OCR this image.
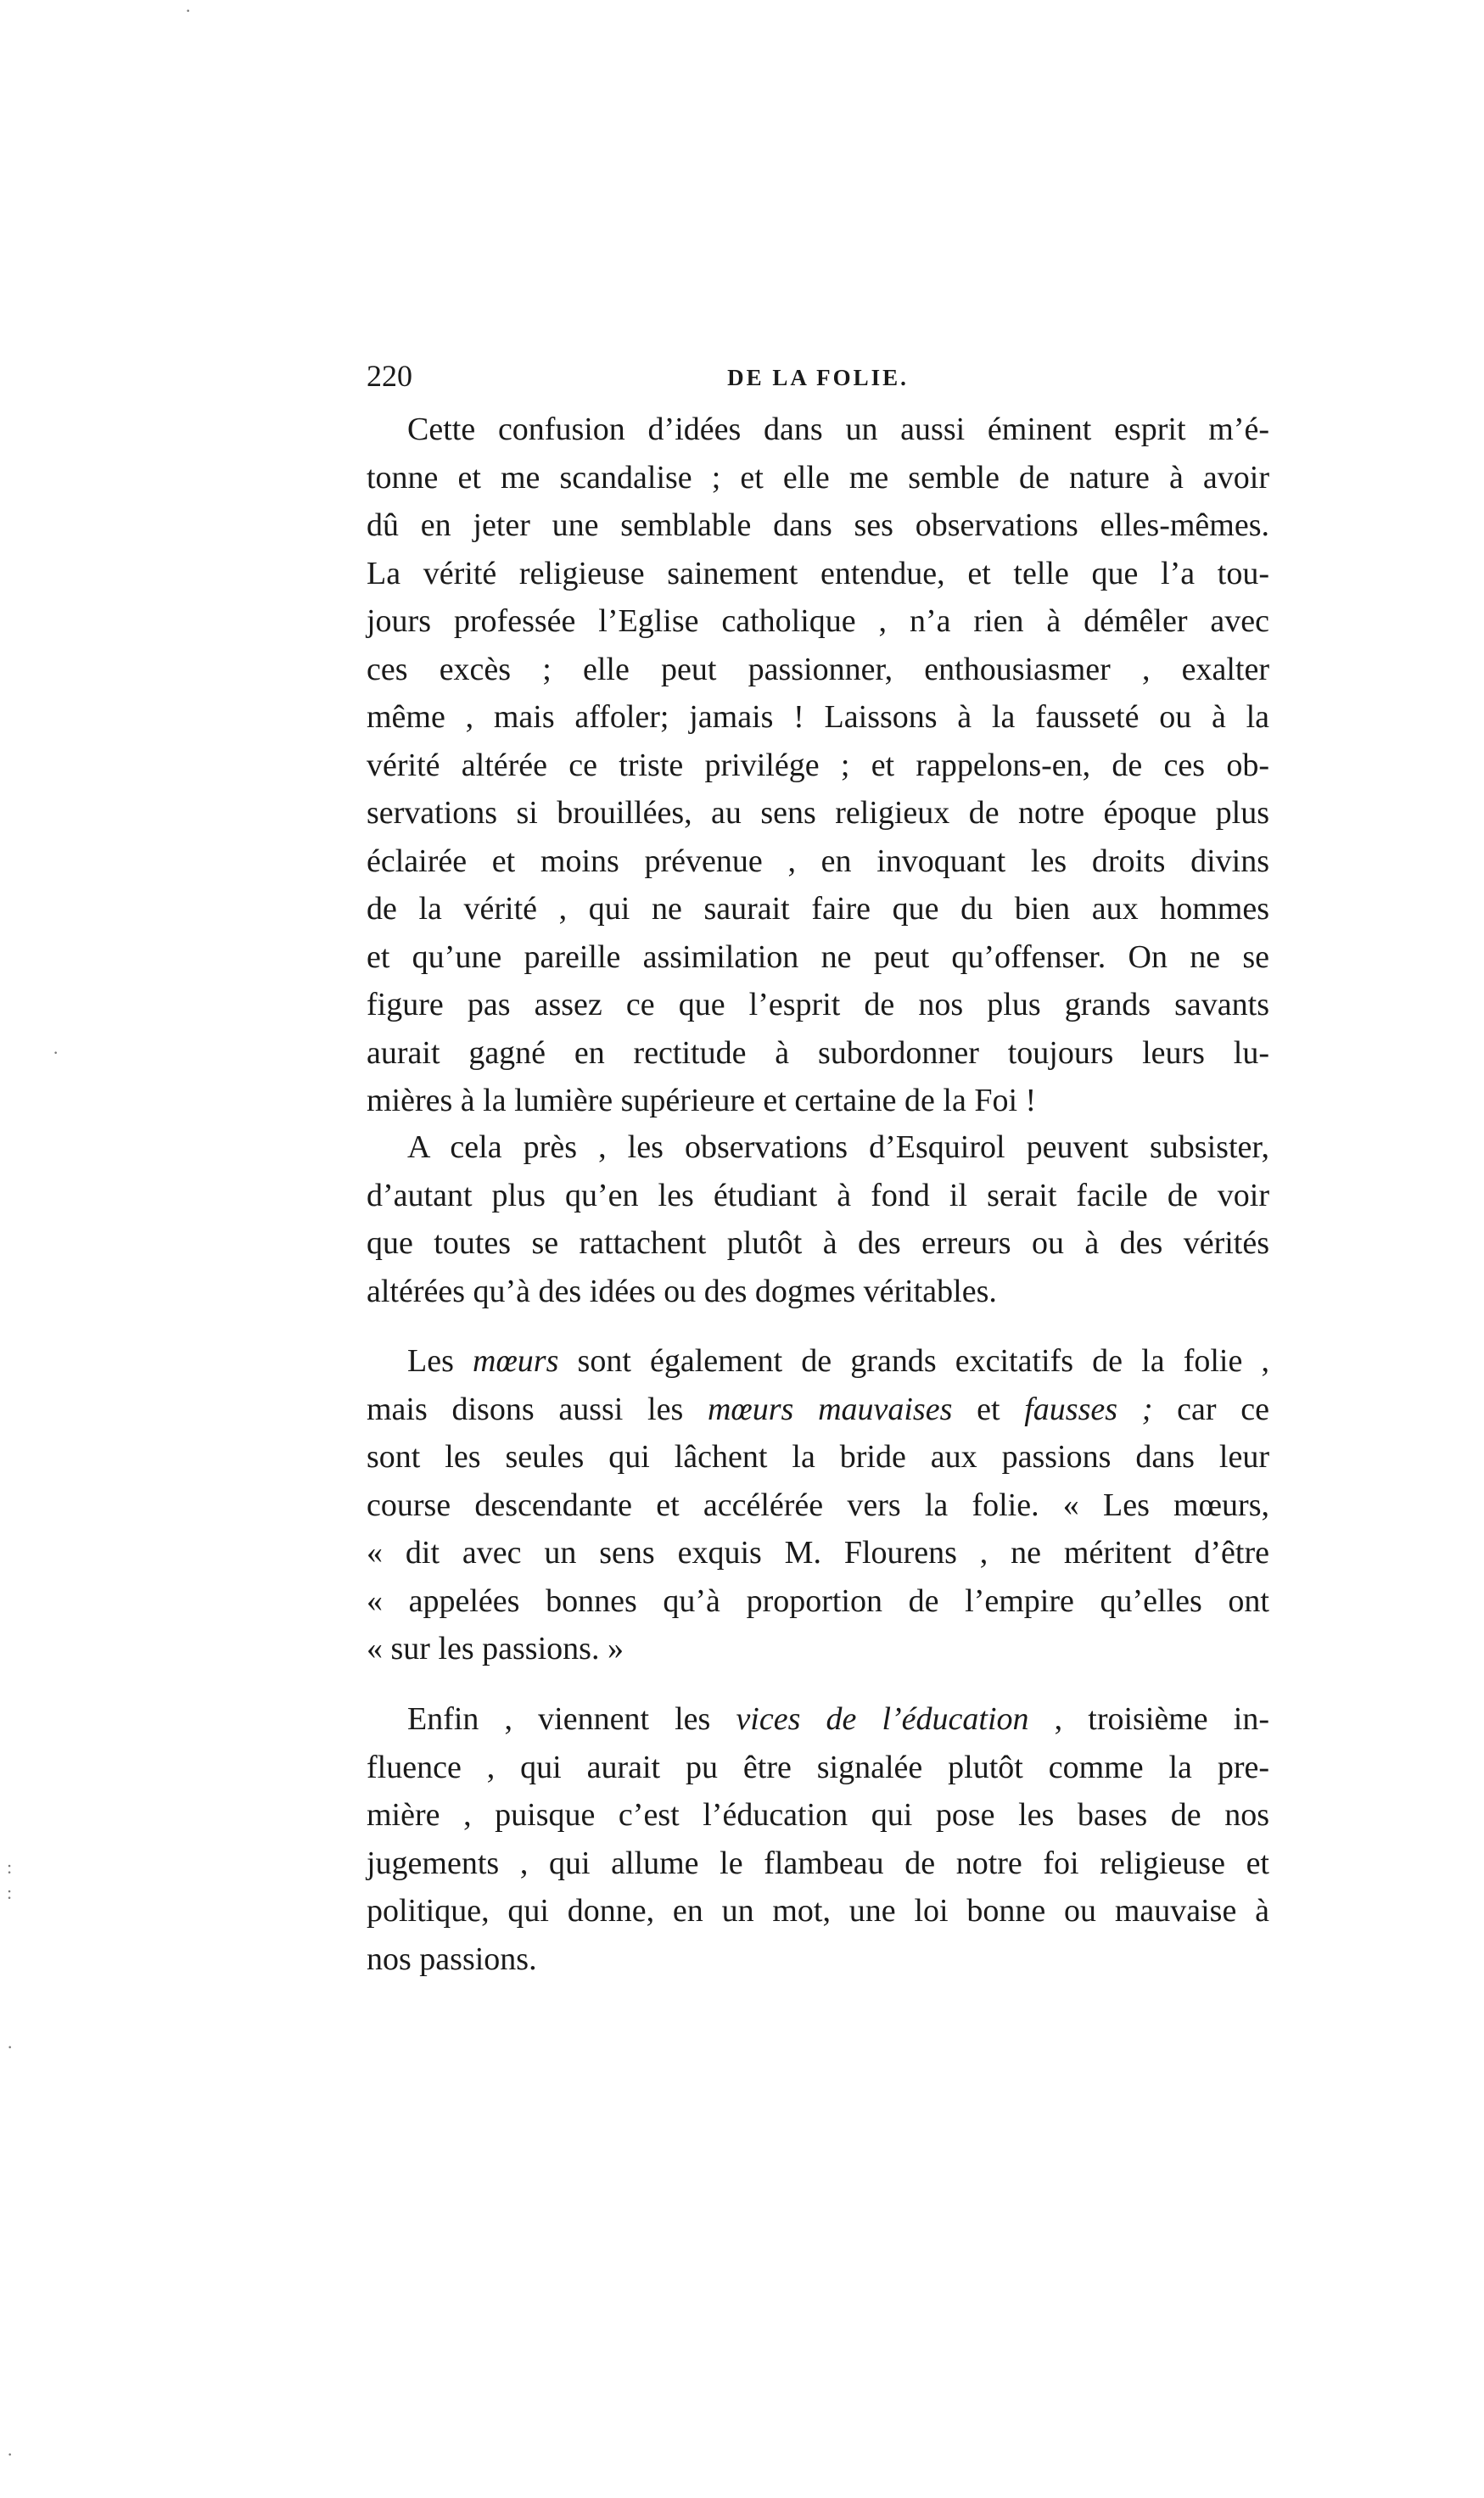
220	DE LA FOLIE.
Cette confusion d’idées dans un aussi éminent esprit m’é-
tonne et me scandalise ; et elle me semble de nature à avoir
dû en jeter une semblable dans ses observations elles-mêmes.
La vérité religieuse sainement entendue, et telle que l’a tou-
jours professée l’Eglise catholique , n’a rien à démêler avec
ces excès ; elle peut passionner, enthousiasmer , exalter
même , mais affoler; jamais ! Laissons à la fausseté ou à la
vérité altérée ce triste privilége ; et rappelons-en, de ces ob-
servations si brouillées, au sens religieux de notre époque plus
éclairée et moins prévenue , en invoquant les droits divins
de la vérité , qui ne saurait faire que du bien aux hommes
et qu’une pareille assimilation ne peut qu’offenser. On ne se
figure pas assez ce que l’esprit de nos plus grands savants
aurait gagné en rectitude à subordonner toujours leurs lu-
mières à la lumière supérieure et certaine de la Foi !
A cela près , les observations d’Esquirol peuvent subsister,
d’autant plus qu’en les étudiant à fond il serait facile de voir
que toutes se rattachent plutôt à des erreurs ou à des vérités
altérées qu’à des idées ou des dogmes véritables.
Les mœurs sont également de grands excitatifs de la folie ,
mais disons aussi les mœurs mauvaises et fausses ; car ce
sont les seules qui lâchent la bride aux passions dans leur
course descendante et accélérée vers la folie. « Les mœurs,
« dit avec un sens exquis M. Flourens , ne méritent d’être
« appelées bonnes qu’à proportion de l’empire qu’elles ont
« sur les passions. »
Enfin , viennent les vices de l’éducation , troisième in-
fluence , qui aurait pu être signalée plutôt comme la pre-
mière , puisque c’est l’éducation qui pose les bases de nos
jugements , qui allume le flambeau de notre foi religieuse et
politique, qui donne, en un mot, une loi bonne ou mauvaise à
nos passions.
·
·
:
:
·
·
